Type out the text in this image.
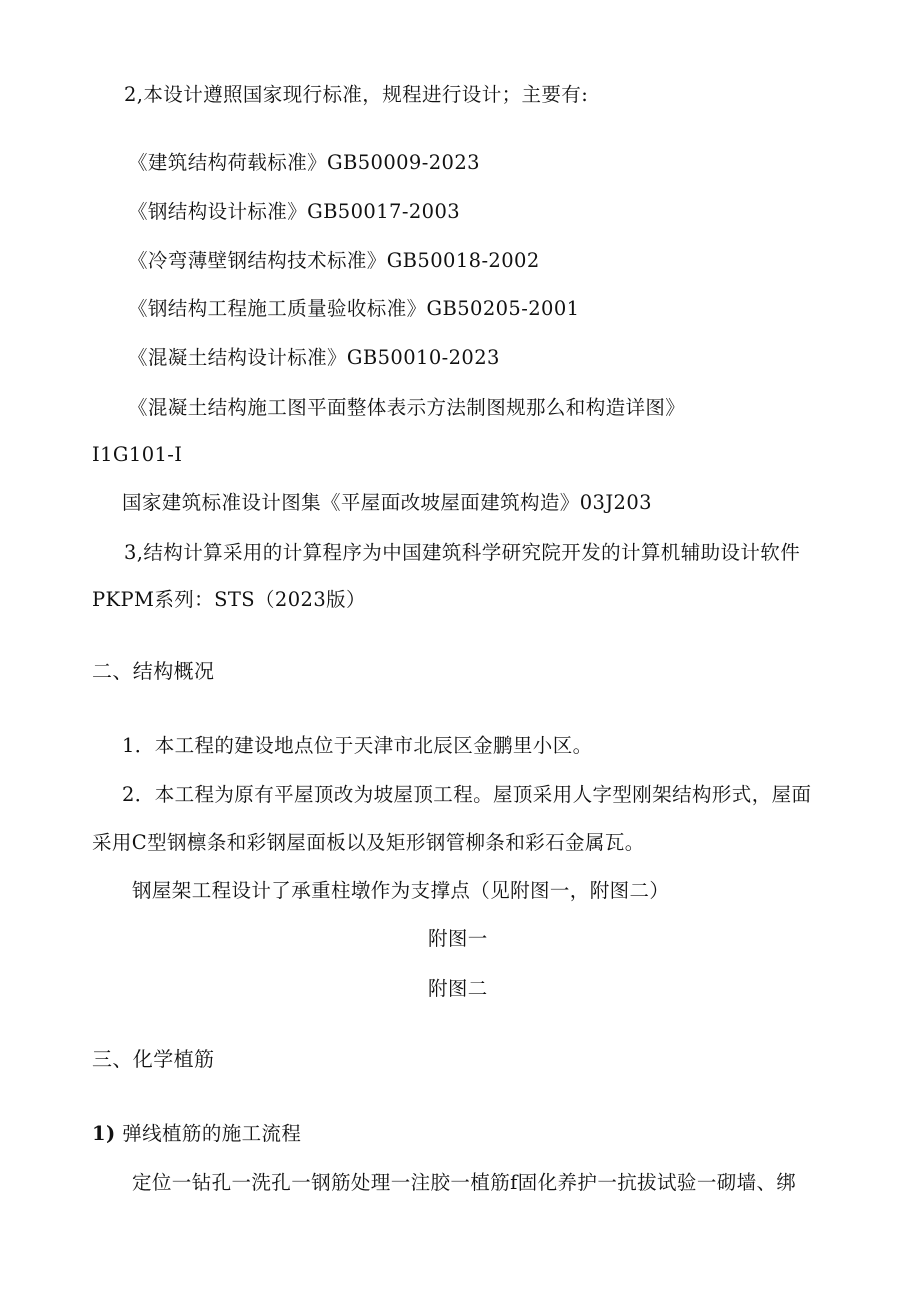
2,本设计遵照国家现行标准，规程进行设计；主要有:
《建筑结构荷载标准》GB50009-2023
《钢结构设计标准》GB50017-2003
《冷弯薄壁钢结构技术标准》GB50018-2002
《钢结构工程施工质量验收标准》GB50205-2001
《混凝土结构设计标准》GB50010-2023
《混凝土结构施工图平面整体表示方法制图规那么和构造详图》
I1G101-I
国家建筑标准设计图集《平屋面改坡屋面建筑构造》03J203
3,结构计算采用的计算程序为中国建筑科学研究院开发的计算机辅助设计软件
PKPM系列：STS（2023版）
二、结构概况
1．本工程的建设地点位于天津市北辰区金鹏里小区。
2．本工程为原有平屋顶改为坡屋顶工程。屋顶采用人字型刚架结构形式，屋面
采用C型钢檩条和彩钢屋面板以及矩形钢管柳条和彩石金属瓦。
钢屋架工程设计了承重柱墩作为支撑点（见附图一，附图二）
附图一
附图二
三、化学植筋
1) 弹线植筋的施工流程
定位一钻孔一洗孔一钢筋处理一注胶一植筋f固化养护一抗拔试验一砌墙、绑
